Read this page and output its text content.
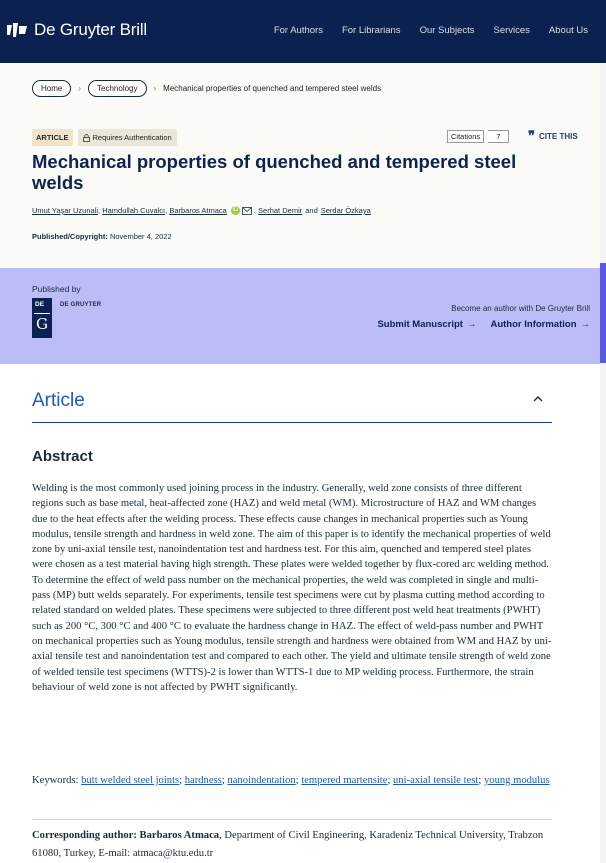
De Gruyter Brill	For Authors For Librarians Our Subjects Services About Us
Home	›	Technology	› Mechanical properties of quenched and tempered steel welds
ARTICLE	Requires Authentication	Citations	7	❞ CITE THIS
Mechanical properties of quenched and tempered steel welds
Umut Yaşar Uzunali ,
Hamdullah Cuvalcı ,
Barbaros Atmaca iD ,
Serhat Demir and Serdar Özkaya
Published/Copyright: November 4, 2022
Published by
DE
G
DE GRUYTER	Become an author with De Gruyter Brill
Submit Manuscript → Author Information →
Article
Abstract

Welding is the most commonly used joining process in the industry. Generally, weld zone consists of three different regions such as base metal, heat-affected zone (HAZ) and weld metal (WM). Microstructure of HAZ and WM changes due to the heat effects after the welding process. These effects cause changes in mechanical properties such as Young modulus, tensile strength and hardness in weld zone. The aim of this paper is to identify the mechanical properties of weld zone by uni-axial tensile test, nanoindentation test and hardness test. For this aim, quenched and tempered steel plates were chosen as a test material having high strength. These plates were welded together by flux-cored arc welding method. To determine the effect of weld pass number on the mechanical properties, the weld was completed in single and multi-pass (MP) butt welds separately. For experiments, tensile test specimens were cut by plasma cutting method according to related standard on welded plates. These specimens were subjected to three different post weld heat treatments (PWHT) such as 200 °C, 300 °C and 400 °C to evaluate the hardness change in HAZ. The effect of weld-pass number and PWHT on mechanical properties such as Young modulus, tensile strength and hardness were obtained from WM and HAZ by uni-axial tensile test and nanoindentation test and compared to each other. The yield and ultimate tensile strength of weld zone of welded tensile test specimens (WTTS)-2 is lower than WTTS-1 due to MP welding process. Furthermore, the strain behaviour of weld zone is not affected by PWHT significantly.

Keywords: butt welded steel joints; hardness; nanoindentation; tempered martensite; uni-axial tensile test; young modulus

Corresponding author: Barbaros Atmaca, Department of Civil Engineering, Karadeniz Technical University, Trabzon 61080, Turkey, E-mail: atmaca@ktu.edu.tr
